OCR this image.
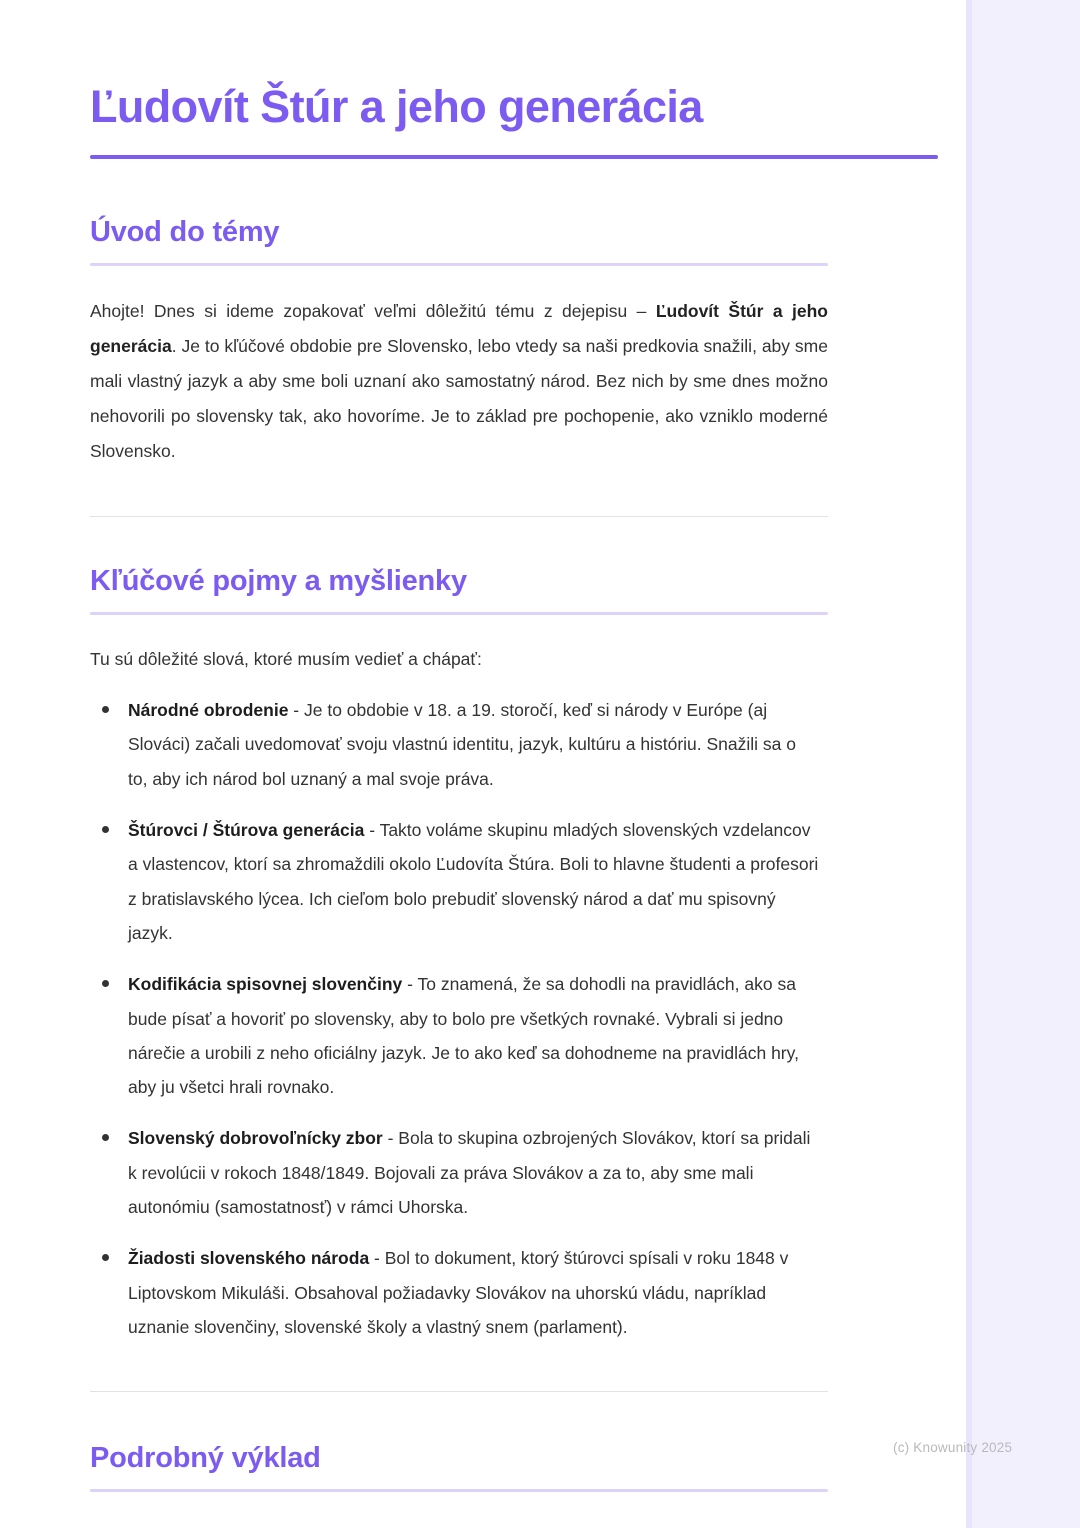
Ľudovít Štúr a jeho generácia
Úvod do témy

Ahojte! Dnes si ideme zopakovať veľmi dôležitú tému z dejepisu – Ľudovít Štúr a jeho generácia. Je to kľúčové obdobie pre Slovensko, lebo vtedy sa naši predkovia snažili, aby sme mali vlastný jazyk a aby sme boli uznaní ako samostatný národ. Bez nich by sme dnes možno nehovorili po slovensky tak, ako hovoríme. Je to základ pre pochopenie, ako vzniklo moderné Slovensko.

Kľúčové pojmy a myšlienky

Tu sú dôležité slová, ktoré musím vedieť a chápať:

Národné obrodenie - Je to obdobie v 18. a 19. storočí, keď si národy v Európe (aj Slováci) začali uvedomovať svoju vlastnú identitu, jazyk, kultúru a históriu. Snažili sa o to, aby ich národ bol uznaný a mal svoje práva.
Štúrovci / Štúrova generácia - Takto voláme skupinu mladých slovenských vzdelancov a vlastencov, ktorí sa zhromaždili okolo Ľudovíta Štúra. Boli to hlavne študenti a profesori z bratislavského lýcea. Ich cieľom bolo prebudiť slovenský národ a dať mu spisovný jazyk.
Kodifikácia spisovnej slovenčiny - To znamená, že sa dohodli na pravidlách, ako sa bude písať a hovoriť po slovensky, aby to bolo pre všetkých rovnaké. Vybrali si jedno nárečie a urobili z neho oficiálny jazyk. Je to ako keď sa dohodneme na pravidlách hry, aby ju všetci hrali rovnako.
Slovenský dobrovoľnícky zbor - Bola to skupina ozbrojených Slovákov, ktorí sa pridali k revolúcii v rokoch 1848/1849. Bojovali za práva Slovákov a za to, aby sme mali autonómiu (samostatnosť) v rámci Uhorska.
Žiadosti slovenského národa - Bol to dokument, ktorý štúrovci spísali v roku 1848 v Liptovskom Mikuláši. Obsahoval požiadavky Slovákov na uhorskú vládu, napríklad uznanie slovenčiny, slovenské školy a vlastný snem (parlament).
Podrobný výklad	(c) Knowunity 2025
